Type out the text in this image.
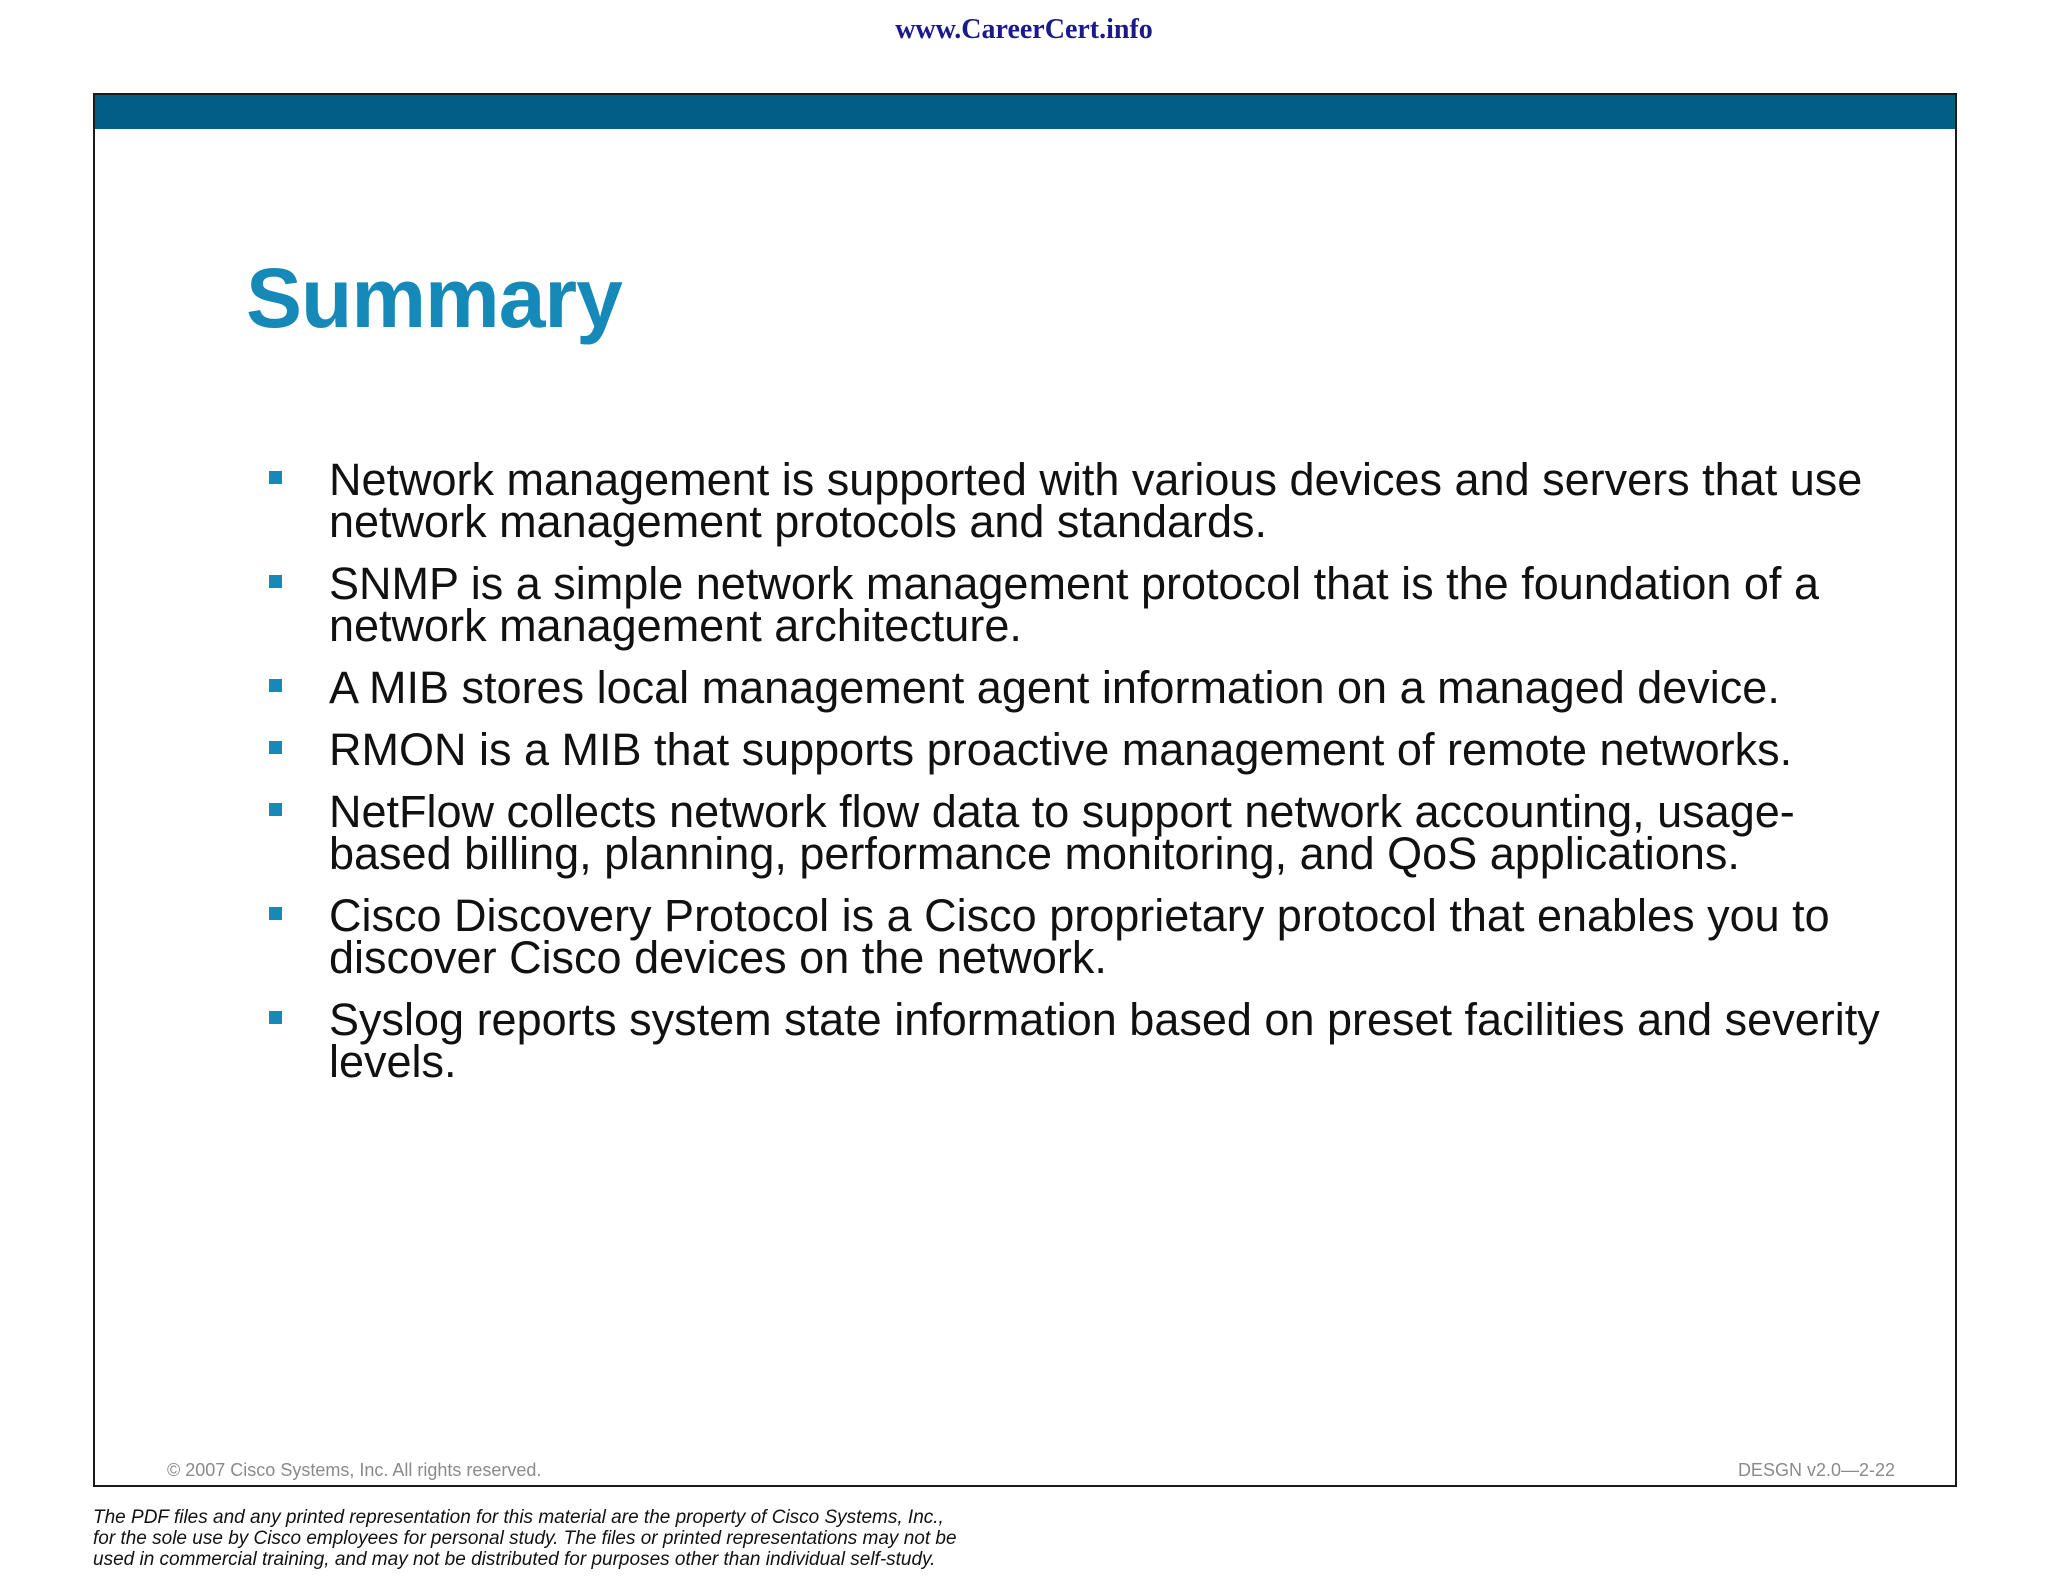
www.CareerCert.info
Summary
Network management is supported with various devices and servers that use network management protocols and standards.
SNMP is a simple network management protocol that is the foundation of a network management architecture.
A MIB stores local management agent information on a managed device.
RMON is a MIB that supports proactive management of remote networks.
NetFlow collects network flow data to support network accounting, usage-based billing, planning, performance monitoring, and QoS applications.
Cisco Discovery Protocol is a Cisco proprietary protocol that enables you to discover Cisco devices on the network.
Syslog reports system state information based on preset facilities and severity levels.
© 2007 Cisco Systems, Inc. All rights reserved.	DESGN v2.0—2-22
The PDF files and any printed representation for this material are the property of Cisco Systems, Inc.,
for the sole use by Cisco employees for personal study. The files or printed representations may not be
used in commercial training, and may not be distributed for purposes other than individual self-study.
